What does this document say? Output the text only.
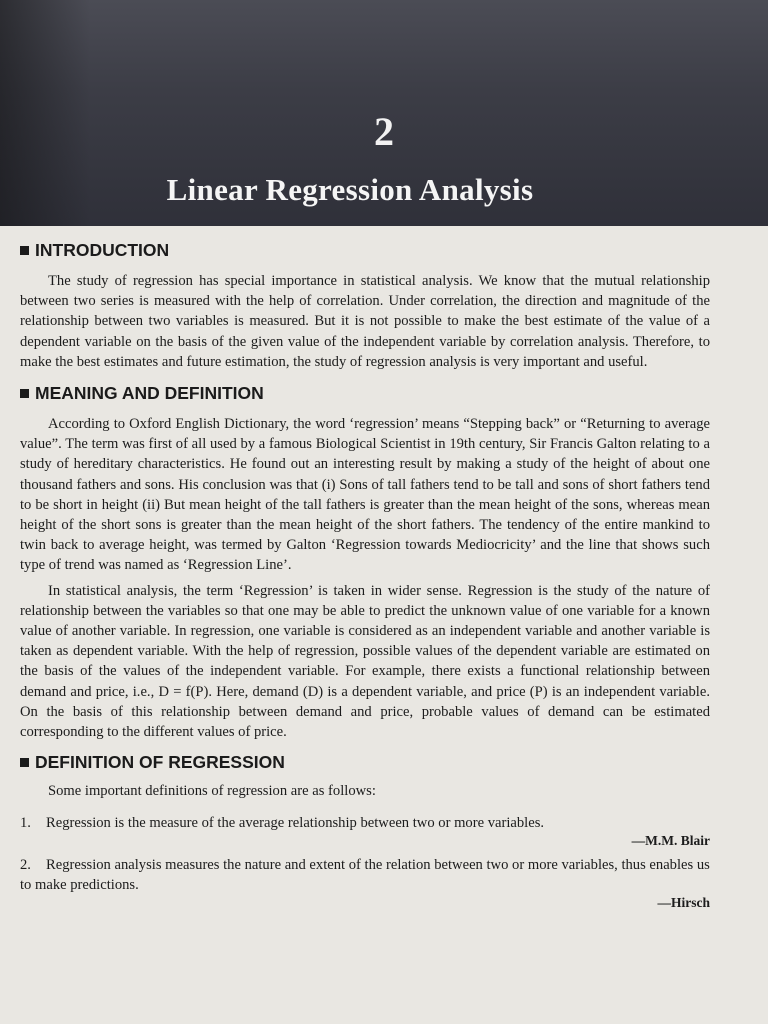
2
Linear Regression Analysis
INTRODUCTION

The study of regression has special importance in statistical analysis. We know that the mutual relationship between two series is measured with the help of correlation. Under correlation, the direction and magnitude of the relationship between two variables is measured. But it is not possible to make the best estimate of the value of a dependent variable on the basis of the given value of the independent variable by correlation analysis. Therefore, to make the best estimates and future estimation, the study of regression analysis is very important and useful.

MEANING AND DEFINITION

According to Oxford English Dictionary, the word ‘regression’ means “Stepping back” or “Returning to average value”. The term was first of all used by a famous Biological Scientist in 19th century, Sir Francis Galton relating to a study of hereditary characteristics. He found out an interesting result by making a study of the height of about one thousand fathers and sons. His conclusion was that (i) Sons of tall fathers tend to be tall and sons of short fathers tend to be short in height (ii) But mean height of the tall fathers is greater than the mean height of the sons, whereas mean height of the short sons is greater than the mean height of the short fathers. The tendency of the entire mankind to twin back to average height, was termed by Galton ‘Regression towards Mediocricity’ and the line that shows such type of trend was named as ‘Regression Line’.

In statistical analysis, the term ‘Regression’ is taken in wider sense. Regression is the study of the nature of relationship between the variables so that one may be able to predict the unknown value of one variable for a known value of another variable. In regression, one variable is considered as an independent variable and another variable is taken as dependent variable. With the help of regression, possible values of the dependent variable are estimated on the basis of the values of the independent variable. For example, there exists a functional relationship between demand and price, i.e., D = f(P). Here, demand (D) is a dependent variable, and price (P) is an independent variable. On the basis of this relationship between demand and price, probable values of demand can be estimated corresponding to the different values of price.

DEFINITION OF REGRESSION

Some important definitions of regression are as follows:

1. Regression is the measure of the average relationship between two or more variables.
—M.M. Blair
2. Regression analysis measures the nature and extent of the relation between two or more variables, thus enables us to make predictions.
—Hirsch
